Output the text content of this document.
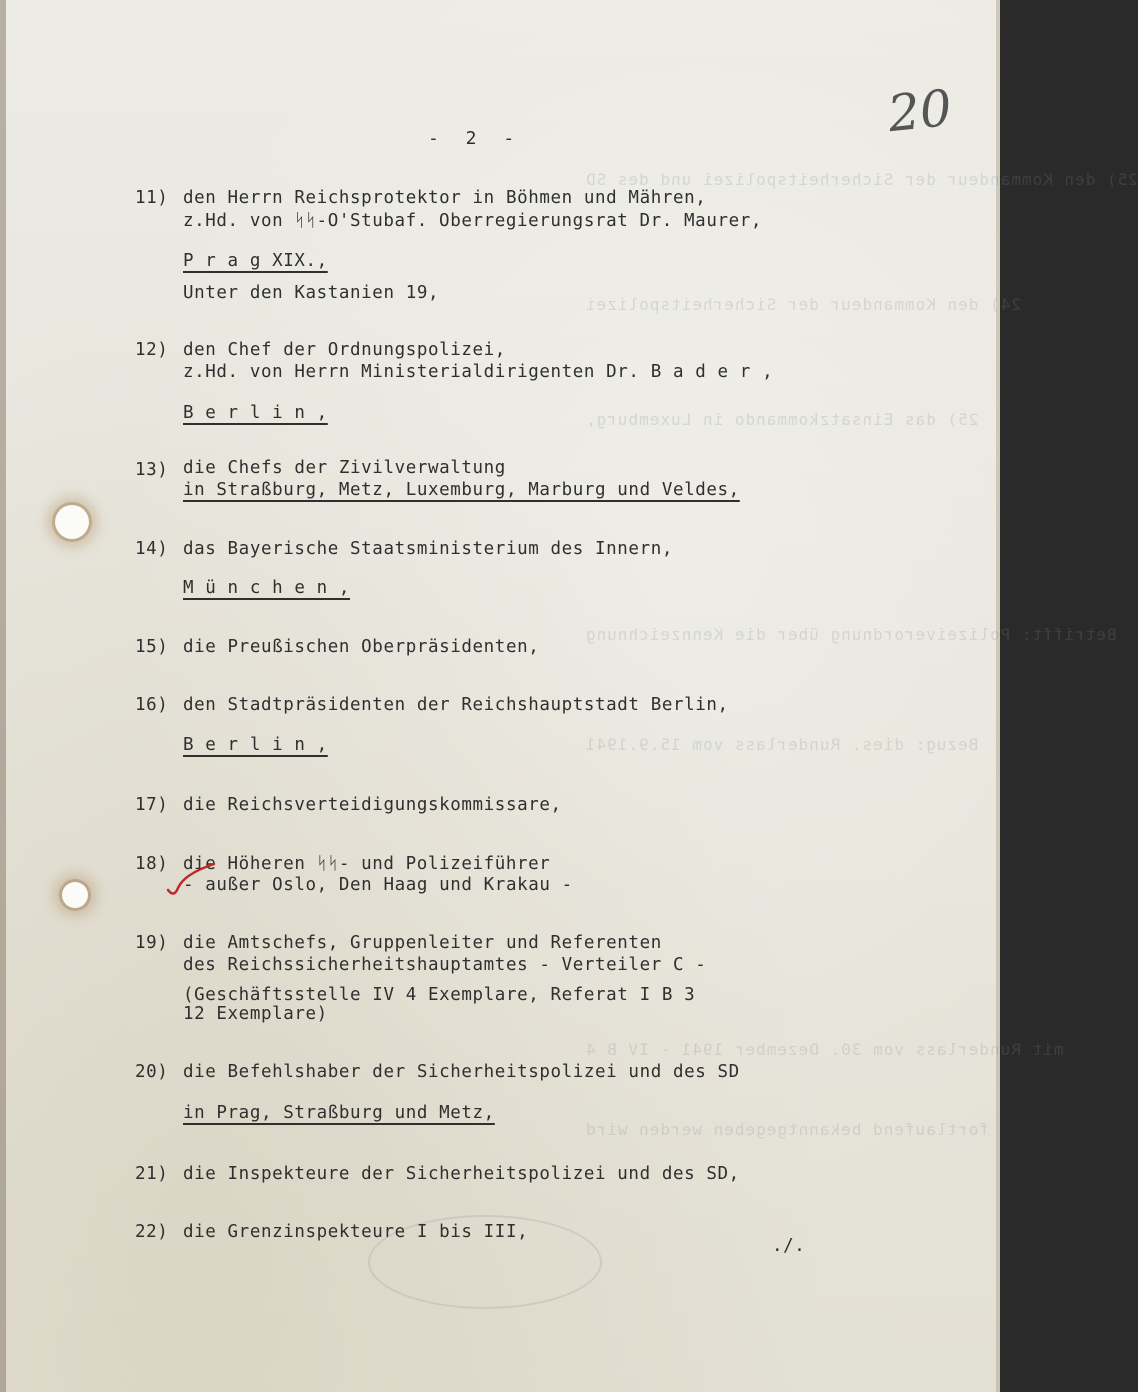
25) den Kommandeur der Sicherheitspolizei und des SD
24) den Kommandeur der Sicherheitspolizei
25) das Einsatzkommando in Luxemburg,
Betrifft: Polizeiverordnung über die Kennzeichnung
Bezug: dies. Runderlass vom 15.9.1941
mit Runderlass vom 30. Dezember 1941 - IV B 4
fortlaufend bekanntgegeben werden wird
- 2 -	20
11) den Herrn Reichsprotektor in Böhmen und Mähren,
z.Hd. von ᛋᛋ-O'Stubaf. Oberregierungsrat Dr. Maurer,
P r a g XIX.,
Unter den Kastanien 19,
12) den Chef der Ordnungspolizei,
z.Hd. von Herrn Ministerialdirigenten Dr. B a d e r ,
B e r l i n ,
13) die Chefs der Zivilverwaltung
in Straßburg, Metz, Luxemburg, Marburg und Veldes,
14) das Bayerische Staatsministerium des Innern,
M ü n c h e n ,
15) die Preußischen Oberpräsidenten,
16) den Stadtpräsidenten der Reichshauptstadt Berlin,
B e r l i n ,
17) die Reichsverteidigungskommissare,
18) die Höheren ᛋᛋ- und Polizeiführer
- außer Oslo, Den Haag und Krakau -
19) die Amtschefs, Gruppenleiter und Referenten
des Reichssicherheitshauptamtes - Verteiler C -
(Geschäftsstelle IV 4 Exemplare, Referat I B 3
12 Exemplare)
20) die Befehlshaber der Sicherheitspolizei und des SD
in Prag, Straßburg und Metz,
21) die Inspekteure der Sicherheitspolizei und des SD,
22) die Grenzinspekteure I bis III,
./.
